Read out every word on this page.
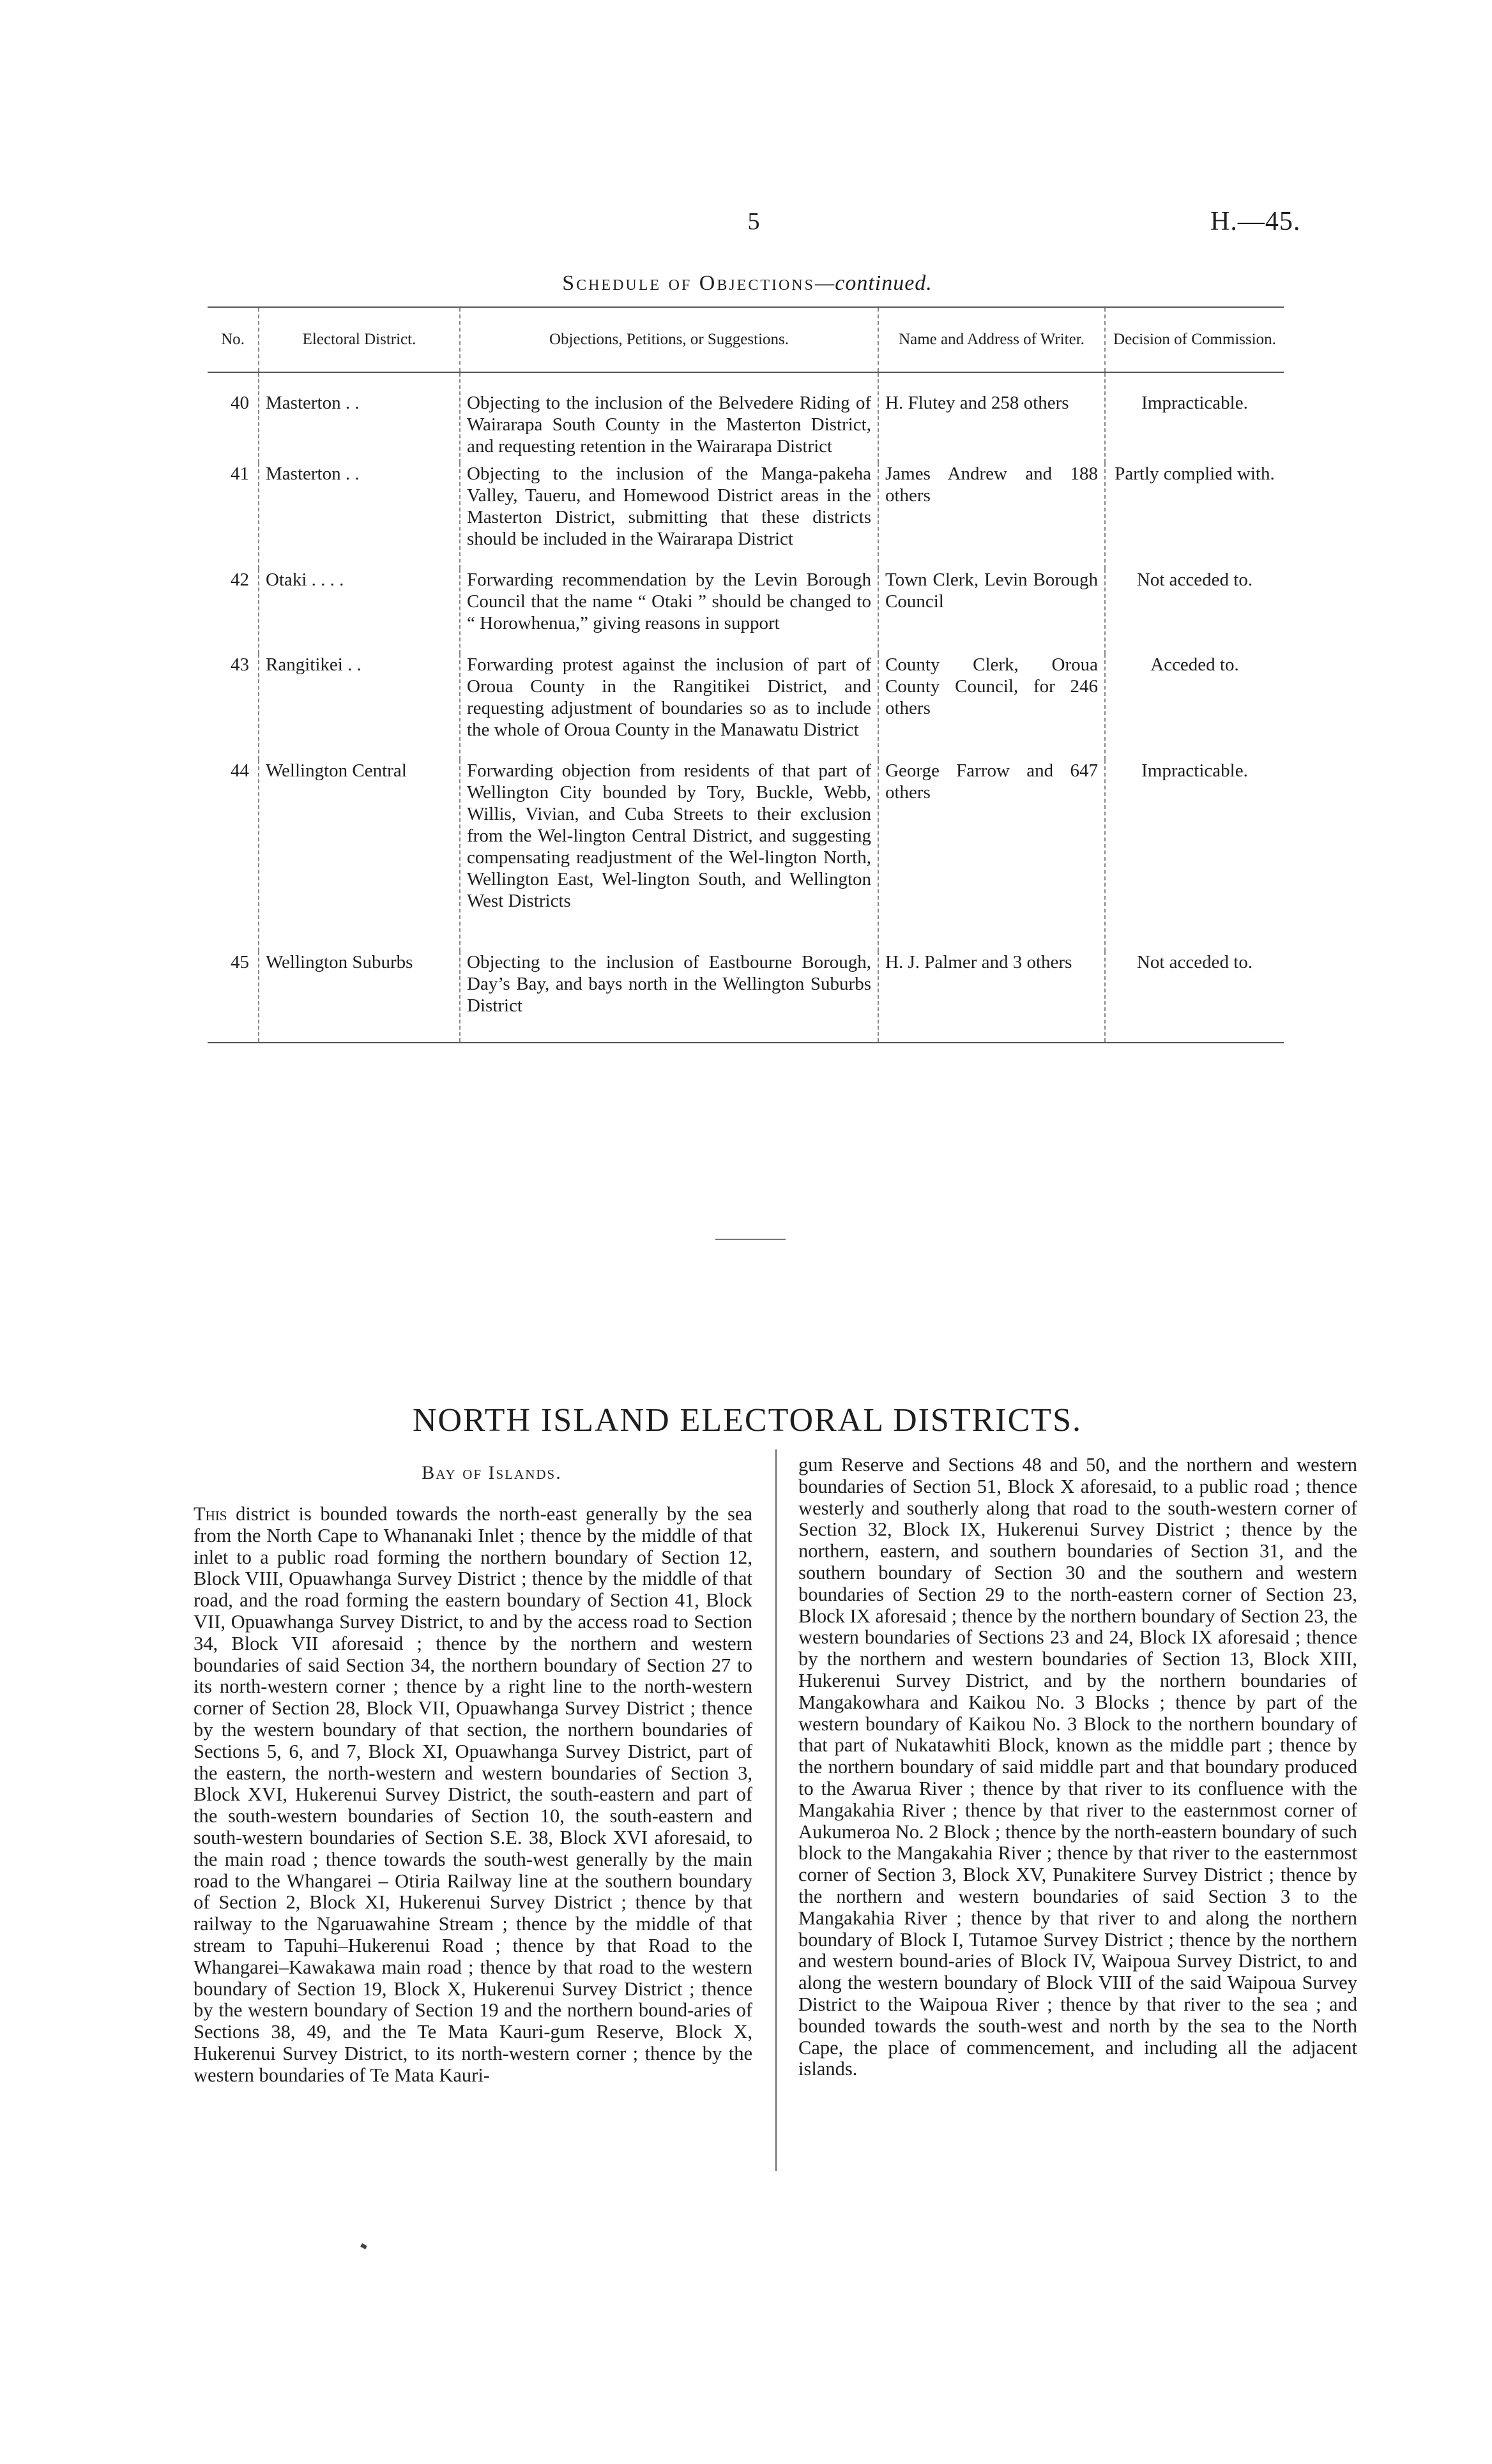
5	H.—45.
Schedule of Objections—continued.
No.	Electoral District.	Objections, Petitions, or Suggestions.	Name and Address of Writer.	Decision of Commission.
40	Masterton . .	Objecting to the inclusion of the Belvedere Riding of Wairarapa South County in the Masterton District, and requesting retention in the Wairarapa District	H. Flutey and 258 others	Impracticable.
41	Masterton . .	Objecting to the inclusion of the Manga-pakeha Valley, Taueru, and Homewood District areas in the Masterton District, submitting that these districts should be included in the Wairarapa District	James Andrew and 188 others	Partly complied with.
42	Otaki . . . .	Forwarding recommendation by the Levin Borough Council that the name “ Otaki ” should be changed to “ Horowhenua,” giving reasons in support	Town Clerk, Levin Borough Council	Not acceded to.
43	Rangitikei . .	Forwarding protest against the inclusion of part of Oroua County in the Rangitikei District, and requesting adjustment of boundaries so as to include the whole of Oroua County in the Manawatu District	County Clerk, Oroua County Council, for 246 others	Acceded to.
44	Wellington Central	Forwarding objection from residents of that part of Wellington City bounded by Tory, Buckle, Webb, Willis, Vivian, and Cuba Streets to their exclusion from the Wel-lington Central District, and suggesting compensating readjustment of the Wel-lington North, Wellington East, Wel-lington South, and Wellington West Districts	George Farrow and 647 others	Impracticable.
45	Wellington Suburbs	Objecting to the inclusion of Eastbourne Borough, Day’s Bay, and bays north in the Wellington Suburbs District	H. J. Palmer and 3 others	Not acceded to.
NORTH ISLAND ELECTORAL DISTRICTS.
Bay of Islands.
This district is bounded towards the north-east generally by the sea from the North Cape to Whananaki Inlet ; thence by the middle of that inlet to a public road forming the northern boundary of Section 12, Block VIII, Opuawhanga Survey District ; thence by the middle of that road, and the road forming the eastern boundary of Section 41, Block VII, Opuawhanga Survey District, to and by the access road to Section 34, Block VII aforesaid ; thence by the northern and western boundaries of said Section 34, the northern boundary of Section 27 to its north-western corner ; thence by a right line to the north-western corner of Section 28, Block VII, Opuawhanga Survey District ; thence by the western boundary of that section, the northern boundaries of Sections 5, 6, and 7, Block XI, Opuawhanga Survey District, part of the eastern, the north-western and western boundaries of Section 3, Block XVI, Hukerenui Survey District, the south-eastern and part of the south-western boundaries of Section 10, the south-eastern and south-western boundaries of Section S.E. 38, Block XVI aforesaid, to the main road ; thence towards the south-west generally by the main road to the Whangarei – Otiria Railway line at the southern boundary of Section 2, Block XI, Hukerenui Survey District ; thence by that railway to the Ngaruawahine Stream ; thence by the middle of that stream to Tapuhi–Hukerenui Road ; thence by that Road to the Whangarei–Kawakawa main road ; thence by that road to the western boundary of Section 19, Block X, Hukerenui Survey District ; thence by the western boundary of Section 19 and the northern bound-aries of Sections 38, 49, and the Te Mata Kauri-gum Reserve, Block X, Hukerenui Survey District, to its north-western corner ; thence by the western boundaries of Te Mata Kauri-
gum Reserve and Sections 48 and 50, and the northern and western boundaries of Section 51, Block X aforesaid, to a public road ; thence westerly and southerly along that road to the south-western corner of Section 32, Block IX, Hukerenui Survey District ; thence by the northern, eastern, and southern boundaries of Section 31, and the southern boundary of Section 30 and the southern and western boundaries of Section 29 to the north-eastern corner of Section 23, Block IX aforesaid ; thence by the northern boundary of Section 23, the western boundaries of Sections 23 and 24, Block IX aforesaid ; thence by the northern and western boundaries of Section 13, Block XIII, Hukerenui Survey District, and by the northern boundaries of Mangakowhara and Kaikou No. 3 Blocks ; thence by part of the western boundary of Kaikou No. 3 Block to the northern boundary of that part of Nukatawhiti Block, known as the middle part ; thence by the northern boundary of said middle part and that boundary produced to the Awarua River ; thence by that river to its confluence with the Mangakahia River ; thence by that river to the easternmost corner of Aukumeroa No. 2 Block ; thence by the north-eastern boundary of such block to the Mangakahia River ; thence by that river to the easternmost corner of Section 3, Block XV, Punakitere Survey District ; thence by the northern and western boundaries of said Section 3 to the Mangakahia River ; thence by that river to and along the northern boundary of Block I, Tutamoe Survey District ; thence by the northern and western bound-aries of Block IV, Waipoua Survey District, to and along the western boundary of Block VIII of the said Waipoua Survey District to the Waipoua River ; thence by that river to the sea ; and bounded towards the south-west and north by the sea to the North Cape, the place of commencement, and including all the adjacent islands.
